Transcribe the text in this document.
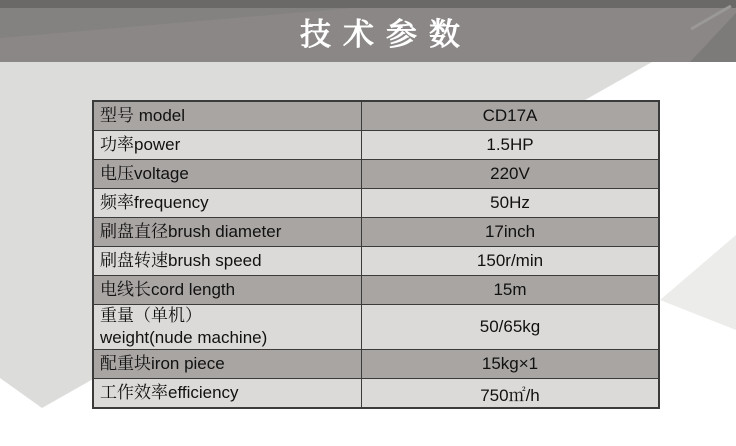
技术参数
型号 model	CD17A

功率power	1.5HP

电压voltage	220V

频率frequency	50Hz

刷盘直径brush diameter	17inch

刷盘转速brush speed	150r/min

电线长cord length	15m

重量（单机）
weight(nude machine)	50/65kg

配重块iron piece	15kg×1

工作效率efficiency	750㎡/h
